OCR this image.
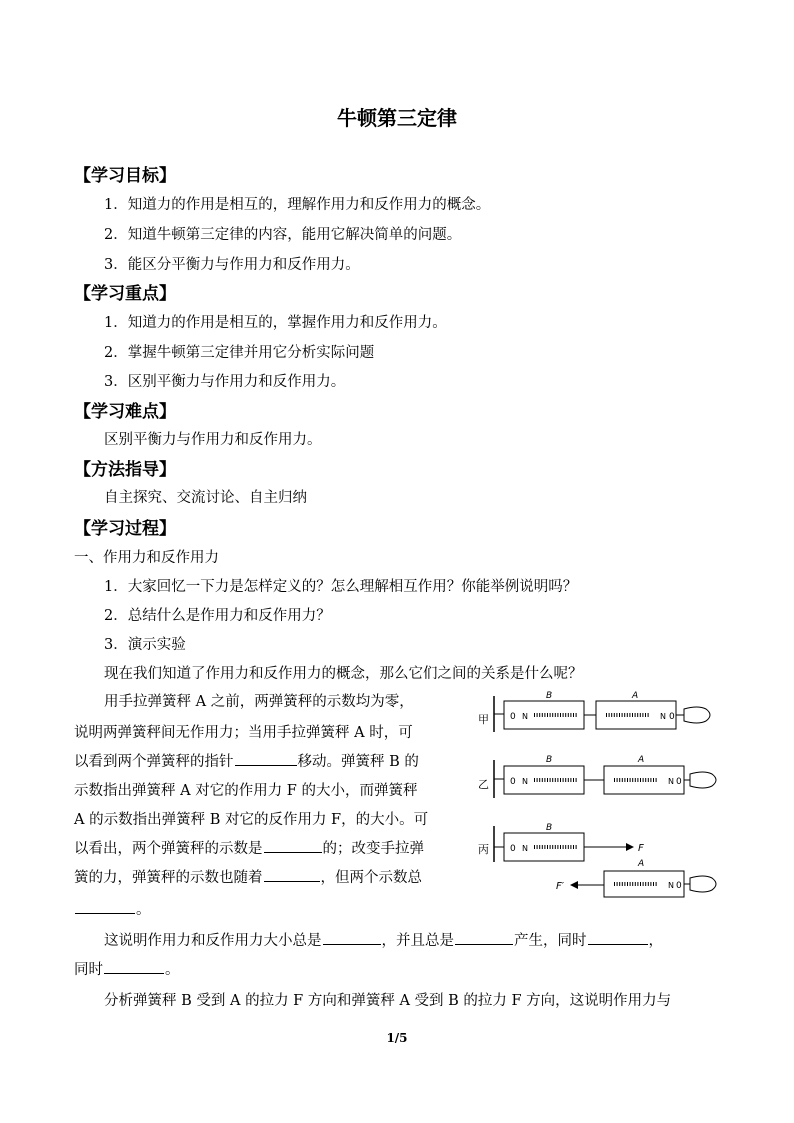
牛顿第三定律
【学习目标】
1．知道力的作用是相互的，理解作用力和反作用力的概念。
2．知道牛顿第三定律的内容，能用它解决简单的问题。
3．能区分平衡力与作用力和反作用力。
【学习重点】
1．知道力的作用是相互的，掌握作用力和反作用力。
2．掌握牛顿第三定律并用它分析实际问题
3．区别平衡力与作用力和反作用力。
【学习难点】
区别平衡力与作用力和反作用力。
【方法指导】
自主探究、交流讨论、自主归纳
【学习过程】
一、作用力和反作用力
1．大家回忆一下力是怎样定义的？怎么理解相互作用？你能举例说明吗？
2．总结什么是作用力和反作用力？
3．演示实验
现在我们知道了作用力和反作用力的概念，那么它们之间的关系是什么呢？
用手拉弹簧秤 A 之前，两弹簧秤的示数均为零，
说明两弹簧秤间无作用力；当用手拉弹簧秤 A 时，可
以看到两个弹簧秤的指针	移动。弹簧秤 B 的
示数指出弹簧秤 A 对它的作用力 F 的大小，而弹簧秤
A 的示数指出弹簧秤 B 对它的反作用力 F，的大小。可
以看出，两个弹簧秤的示数是	的；改变手拉弹
簧的力，弹簧秤的示数也随着	，但两个示数总
。
这说明作用力和反作用力大小总是	，并且总是	产生，同时	，
同时	。
分析弹簧秤 B 受到 A 的拉力 F 方向和弹簧秤 A 受到 B 的拉力 F 方向，这说明作用力与
甲
B
0 N
A
N 0
乙
B
0 N
A
N 0
丙
B
0 N	F
A
F′	N 0
1/5
